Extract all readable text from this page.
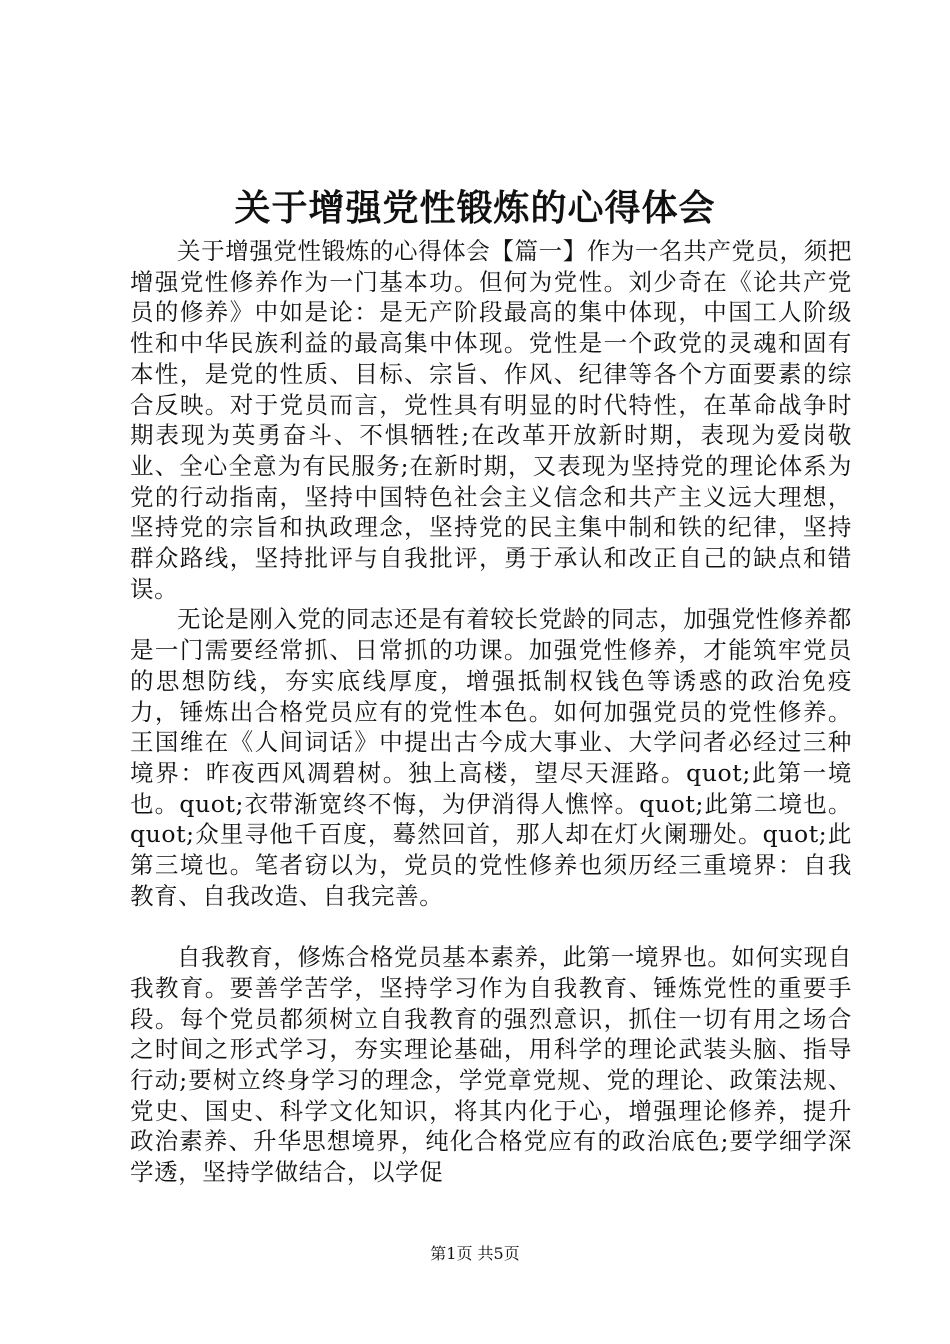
关于增强党性锻炼的心得体会

关于增强党性锻炼的心得体会【篇一】作为一名共产党员，须把增强党性修养作为一门基本功。但何为党性。刘少奇在《论共产党员的修养》中如是论：是无产阶段最高的集中体现，中国工人阶级性和中华民族利益的最高集中体现。党性是一个政党的灵魂和固有本性，是党的性质、目标、宗旨、作风、纪律等各个方面要素的综合反映。对于党员而言，党性具有明显的时代特性，在革命战争时期表现为英勇奋斗、不惧牺牲;在改革开放新时期，表现为爱岗敬业、全心全意为有民服务;在新时期，又表现为坚持党的理论体系为党的行动指南，坚持中国特色社会主义信念和共产主义远大理想，坚持党的宗旨和执政理念，坚持党的民主集中制和铁的纪律，坚持群众路线，坚持批评与自我批评，勇于承认和改正自己的缺点和错误。

无论是刚入党的同志还是有着较长党龄的同志，加强党性修养都是一门需要经常抓、日常抓的功课。加强党性修养，才能筑牢党员的思想防线，夯实底线厚度，增强抵制权钱色等诱惑的政治免疫力，锤炼出合格党员应有的党性本色。如何加强党员的党性修养。王国维在《人间词话》中提出古今成大事业、大学问者必经过三种境界：昨夜西风凋碧树。独上高楼，望尽天涯路。quot;此第一境也。quot;衣带渐宽终不悔，为伊消得人憔悴。quot;此第二境也。quot;众里寻他千百度，蓦然回首，那人却在灯火阑珊处。quot;此第三境也。笔者窃以为，党员的党性修养也须历经三重境界：自我教育、自我改造、自我完善。

自我教育，修炼合格党员基本素养，此第一境界也。如何实现自我教育。要善学苦学，坚持学习作为自我教育、锤炼党性的重要手段。每个党员都须树立自我教育的强烈意识，抓住一切有用之场合之时间之形式学习，夯实理论基础，用科学的理论武装头脑、指导行动;要树立终身学习的理念，学党章党规、党的理论、政策法规、党史、国史、科学文化知识，将其内化于心，增强理论修养，提升政治素养、升华思想境界，纯化合格党应有的政治底色;要学细学深学透，坚持学做结合，以学促

第1页 共5页
